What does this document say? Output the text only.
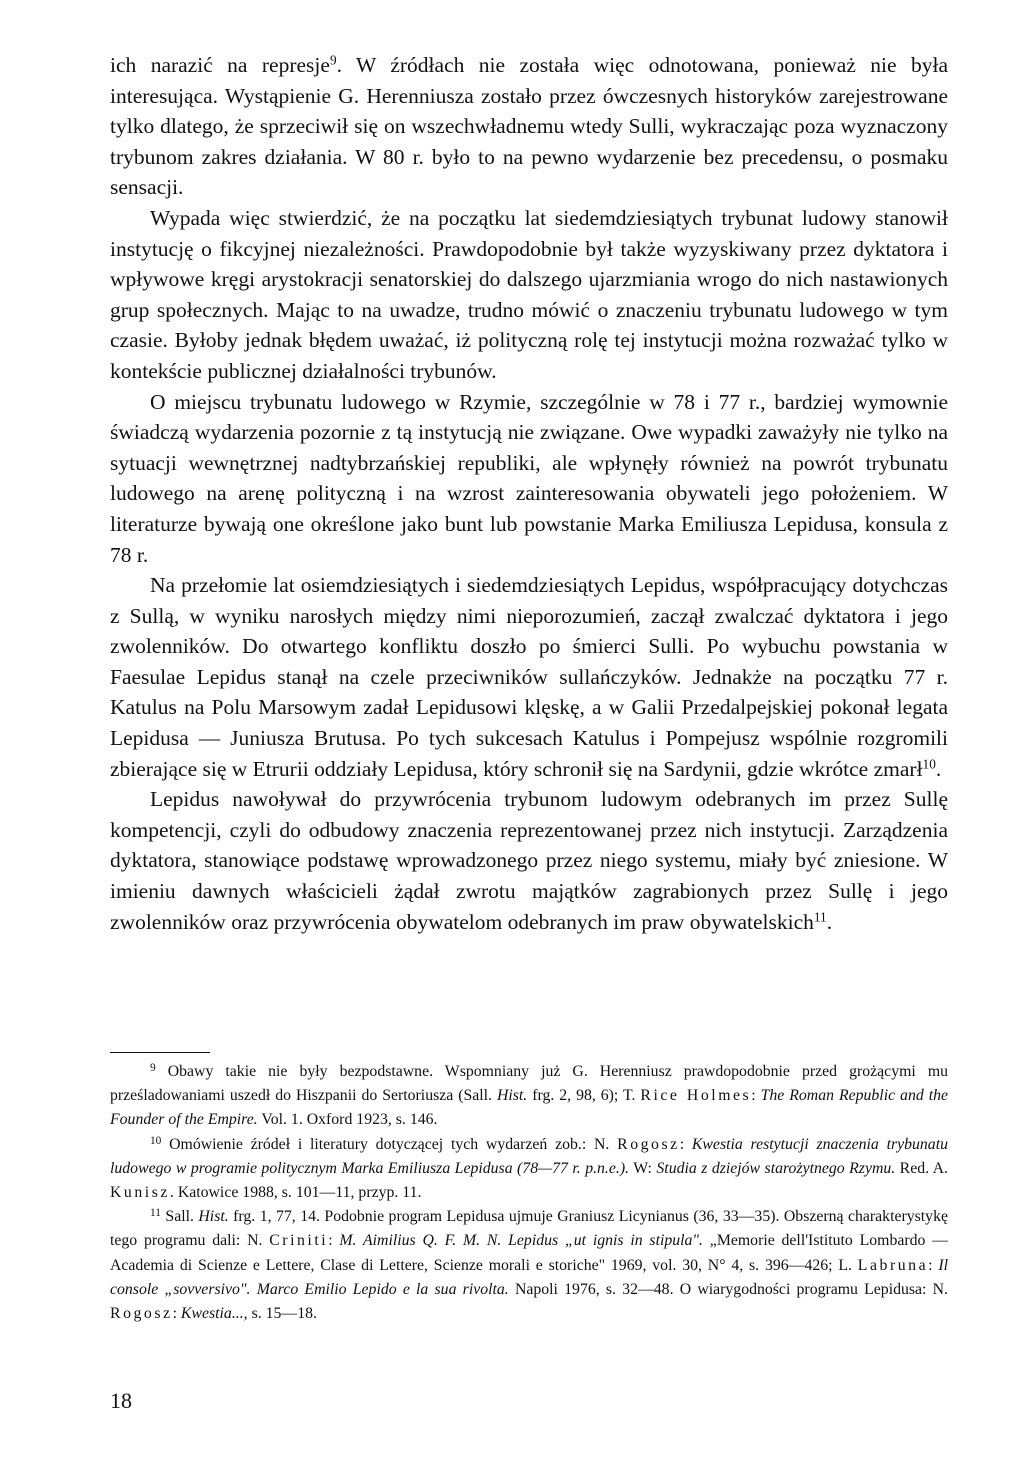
ich narazić na represje$^9$. W źródłach nie została więc odnotowana, ponieważ nie była interesująca. Wystąpienie G. Herenniusza zostało przez ówczesnych historyków zarejestrowane tylko dlatego, że sprzeciwił się on wszechwładnemu wtedy Sulli, wykraczając poza wyznaczony trybunom zakres działania. W 80 r. było to na pewno wydarzenie bez precedensu, o posmaku sensacji.

Wypada więc stwierdzić, że na początku lat siedemdziesiątych trybunat ludowy stanowił instytucję o fikcyjnej niezależności. Prawdopodobnie był także wyzyskiwany przez dyktatora i wpływowe kręgi arystokracji senatorskiej do dalszego ujarzmiania wrogo do nich nastawionych grup społecznych. Mając to na uwadze, trudno mówić o znaczeniu trybunatu ludowego w tym czasie. Byłoby jednak błędem uważać, iż polityczną rolę tej instytucji można rozważać tylko w kontekście publicznej działalności trybunów.

O miejscu trybunatu ludowego w Rzymie, szczególnie w 78 i 77 r., bardziej wymownie świadczą wydarzenia pozornie z tą instytucją nie związane. Owe wypadki zaważyły nie tylko na sytuacji wewnętrznej nadtybrzańskiej republiki, ale wpłynęły również na powrót trybunatu ludowego na arenę polityczną i na wzrost zainteresowania obywateli jego położeniem. W literaturze bywają one określone jako bunt lub powstanie Marka Emiliusza Lepidusa, konsula z 78 r.

Na przełomie lat osiemdziesiątych i siedemdziesiątych Lepidus, współpracujący dotychczas z Sullą, w wyniku narosłych między nimi nieporozumień, zaczął zwalczać dyktatora i jego zwolenników. Do otwartego konfliktu doszło po śmierci Sulli. Po wybuchu powstania w Faesulae Lepidus stanął na czele przeciwników sullańczyków. Jednakże na początku 77 r. Katulus na Polu Marsowym zadał Lepidusowi klęskę, a w Galii Przedalpejskiej pokonał legata Lepidusa — Juniusza Brutusa. Po tych sukcesach Katulus i Pompejusz wspólnie rozgromili zbierające się w Etrurii oddziały Lepidusa, który schronił się na Sardynii, gdzie wkrótce zmarł$^{10}$.

Lepidus nawoływał do przywrócenia trybunom ludowym odebranych im przez Sullę kompetencji, czyli do odbudowy znaczenia reprezentowanej przez nich instytucji. Zarządzenia dyktatora, stanowiące podstawę wprowadzonego przez niego systemu, miały być zniesione. W imieniu dawnych właścicieli żądał zwrotu majątków zagrabionych przez Sullę i jego zwolenników oraz przywrócenia obywatelom odebranych im praw obywatelskich$^{11}$.

$^9$ Obawy takie nie były bezpodstawne. Wspomniany już G. Herenniusz prawdopodobnie przed grożącymi mu prześladowaniami uszedł do Hiszpanii do Sertoriusza (Sall. Hist. frg. 2, 98, 6); T. Rice Holmes: The Roman Republic and the Founder of the Empire. Vol. 1. Oxford 1923, s. 146.

$^{10}$ Omówienie źródeł i literatury dotyczącej tych wydarzeń zob.: N. Rogosz: Kwestia restytucji znaczenia trybunatu ludowego w programie politycznym Marka Emiliusza Lepidusa (78—77 r. p.n.e.). W: Studia z dziejów starożytnego Rzymu. Red. A. Kunisz. Katowice 1988, s. 101—11, przyp. 11.

$^{11}$ Sall. Hist. frg. 1, 77, 14. Podobnie program Lepidusa ujmuje Graniusz Licynianus (36, 33—35). Obszerną charakterystykę tego programu dali: N. Criniti: M. Aimilius Q. F. M. N. Lepidus „ut ignis in stipula". „Memorie dell'Istituto Lombardo — Academia di Scienze e Lettere, Clase di Lettere, Scienze morali e storiche" 1969, vol. 30, N° 4, s. 396—426; L. Labruna: Il console „sovversivo". Marco Emilio Lepido e la sua rivolta. Napoli 1976, s. 32—48. O wiarygodności programu Lepidusa: N. Rogosz: Kwestia..., s. 15—18.

18
